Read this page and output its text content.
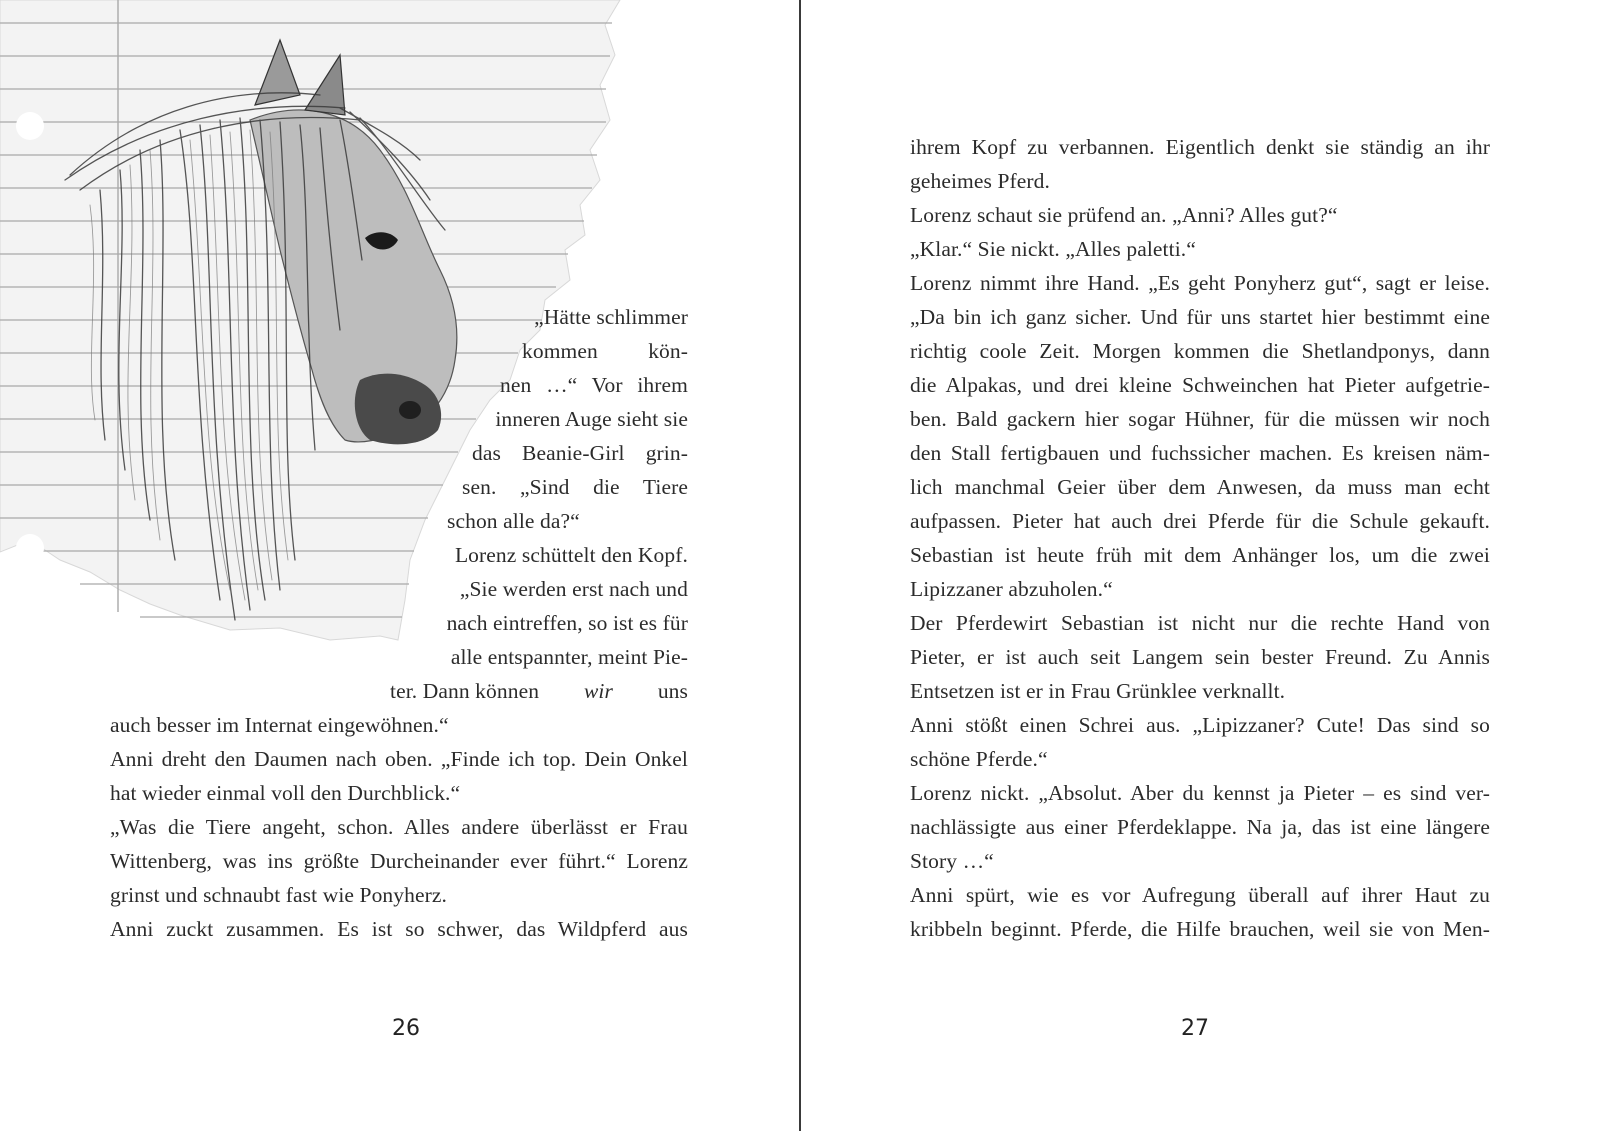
„Hätte schlimmer
kommen kön-
nen …“ Vor ihrem
inneren Auge sieht sie
das Beanie-Girl grin-
sen. „Sind die Tiere
schon alle da?“
Lorenz schüttelt den Kopf.
„Sie werden erst nach und
nach eintreffen, so ist es für
alle entspannter, meint Pie-
ter. Dann können wir uns
auch besser im Internat eingewöhnen.“
Anni dreht den Daumen nach oben. „Finde ich top. Dein Onkel
hat wieder einmal voll den Durchblick.“
„Was die Tiere angeht, schon. Alles andere überlässt er Frau
Wittenberg, was ins größte Durcheinander ever führt.“ Lorenz
grinst und schnaubt fast wie Ponyherz.
Anni zuckt zusammen. Es ist so schwer, das Wildpferd aus
26	27
ihrem Kopf zu verbannen. Eigentlich denkt sie ständig an ihr
geheimes Pferd.
Lorenz schaut sie prüfend an. „Anni? Alles gut?“
„Klar.“ Sie nickt. „Alles paletti.“
Lorenz nimmt ihre Hand. „Es geht Ponyherz gut“, sagt er leise.
„Da bin ich ganz sicher. Und für uns startet hier bestimmt eine
richtig coole Zeit. Morgen kommen die Shetlandponys, dann
die Alpakas, und drei kleine Schweinchen hat Pieter aufgetrie-
ben. Bald gackern hier sogar Hühner, für die müssen wir noch
den Stall fertigbauen und fuchssicher machen. Es kreisen näm-
lich manchmal Geier über dem Anwesen, da muss man echt
aufpassen. Pieter hat auch drei Pferde für die Schule gekauft.
Sebastian ist heute früh mit dem Anhänger los, um die zwei
Lipizzaner abzuholen.“
Der Pferdewirt Sebastian ist nicht nur die rechte Hand von
Pieter, er ist auch seit Langem sein bester Freund. Zu Annis
Entsetzen ist er in Frau Grünklee verknallt.
Anni stößt einen Schrei aus. „Lipizzaner? Cute! Das sind so
schöne Pferde.“
Lorenz nickt. „Absolut. Aber du kennst ja Pieter – es sind ver-
nachlässigte aus einer Pferdeklappe. Na ja, das ist eine längere
Story …“
Anni spürt, wie es vor Aufregung überall auf ihrer Haut zu
kribbeln beginnt. Pferde, die Hilfe brauchen, weil sie von Men-
